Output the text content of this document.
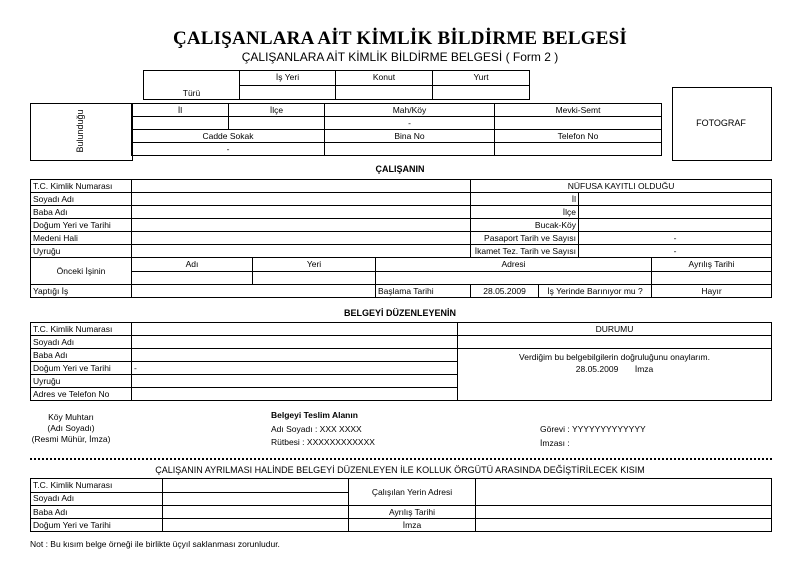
ÇALIŞANLARA AİT KİMLİK BİLDİRME BELGESİ
ÇALIŞANLARA AİT KİMLİK BİLDİRME BELGESİ ( Form 2 )
Türü	İş Yeri	Konut	Yurt

Bulunduğu	İl	İlçe	Mah/Köy	Mevki-Semt
		-	
Cadde Sokak		Bina No	Telefon No
-			
FOTOGRAF
ÇALIŞANIN
T.C. Kimlik Numarası				NÜFUSA KAYITLI OLDUĞU			
Soyadı Adı				İl			
Baba Adı				İlçe			
Doğum Yeri ve Tarihi				Bucak-Köy			
Medeni Hali				Pasaport Tarih ve Sayısı		-	
Uyruğu				İkamet Tez. Tarih ve Sayısı		-	
Önceki İşinin	Adı	Yeri	Adresi				Ayrılış Tarihi

Yaptığı İş			Başlama Tarihi	28.05.2009	İş Yerinde Barınıyor mu ?		Hayır
BELGEYİ DÜZENLEYENİN
T.C. Kimlik Numarası		DURUMU
Soyadı Adı		
Baba Adı		Verdiğim bu belgebilgilerin doğruluğunu onaylarım.
28.05.2009 İmza
Doğum Yeri ve Tarihi	-	
Uyruğu		
Adres ve Telefon No		
Köy Muhtarı
(Adı Soyadı)
(Resmi Mühür, İmza)
Belgeyi Teslim Alanın
Adı Soyadı : XXX XXXX
Rütbesi : XXXXXXXXXXXX
Görevi : YYYYYYYYYYYYY
İmzası :
ÇALIŞANIN AYRILMASI HALİNDE BELGEYİ DÜZENLEYEN İLE KOLLUK ÖRGÜTÜ ARASINDA DEĞİŞTİRİLECEK KISIM
T.C. Kimlik Numarası		Çalışılan Yerin Adresi	
Soyadı Adı			
Baba Adı		Ayrılış Tarihi	
Doğum Yeri ve Tarihi		İmza	
Not : Bu kısım belge örneği ile birlikte üçyıl saklanması zorunludur.
